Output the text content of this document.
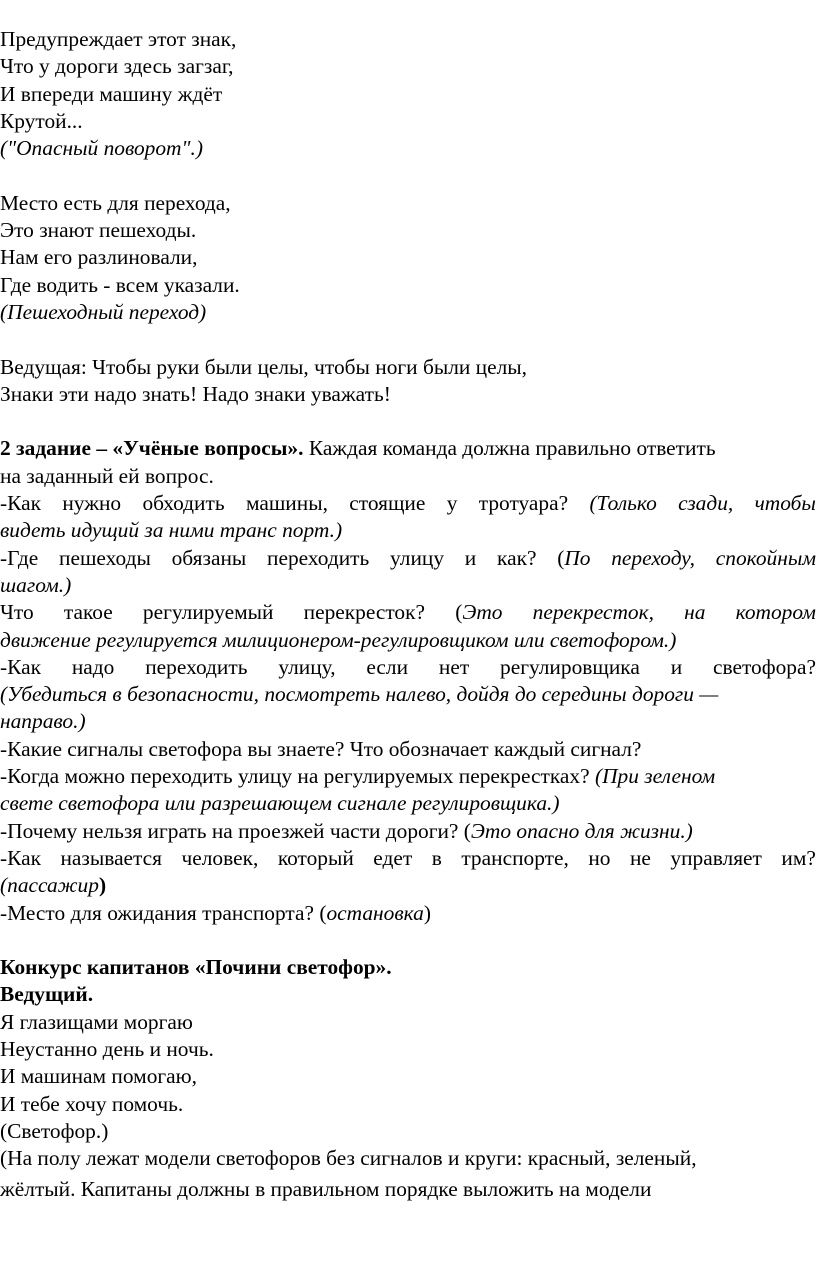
Предупреждает этот знак,
Что у дороги здесь загзаг,
И впереди машину ждёт
Крутой...
("Опасный поворот".)
Место есть для перехода,
Это знают пешеходы.
Нам его разлиновали,
Где водить - всем указали.
(Пешеходный переход)
Ведущая: Чтобы руки были целы, чтобы ноги были целы,
Знаки эти надо знать! Надо знаки уважать!
2 задание – «Учёные вопросы». Каждая команда должна правильно ответить
на заданный ей вопрос.
-Как нужно обходить машины, стоящие у тротуара? (Только сзади, чтобы
видеть идущий за ними транс порт.)
-Где пешеходы обязаны переходить улицу и как? (По переходу, спокойным
шагом.)
Что такое регулируемый перекресток? (Это перекресток, на котором
движение регулируется милиционером-регулировщиком или светофором.)
-Как надо переходить улицу, если нет регулировщика и светофора?
(Убедиться в безопасности, посмотреть налево, дойдя до середины дороги —
направо.)
-Какие сигналы светофора вы знаете? Что обозначает каждый сигнал?
-Когда можно переходить улицу на регулируемых перекрестках? (При зеленом
свете светофора или разрешающем сигнале регулировщика.)
-Почему нельзя играть на проезжей части дороги? (Это опасно для жизни.)
-Как называется человек, который едет в транспорте, но не управляет им?
(пассажир)
-Место для ожидания транспорта? (остановка)
Конкурс капитанов «Почини светофор».
Ведущий.
Я глазищами моргаю
Неустанно день и ночь.
И машинам помогаю,
И тебе хочу помочь.
(Светофор.)
(На полу лежат модели светофоров без сигналов и круги: красный, зеленый,
жёлтый. Капитаны должны в правильном порядке выложить на модели
